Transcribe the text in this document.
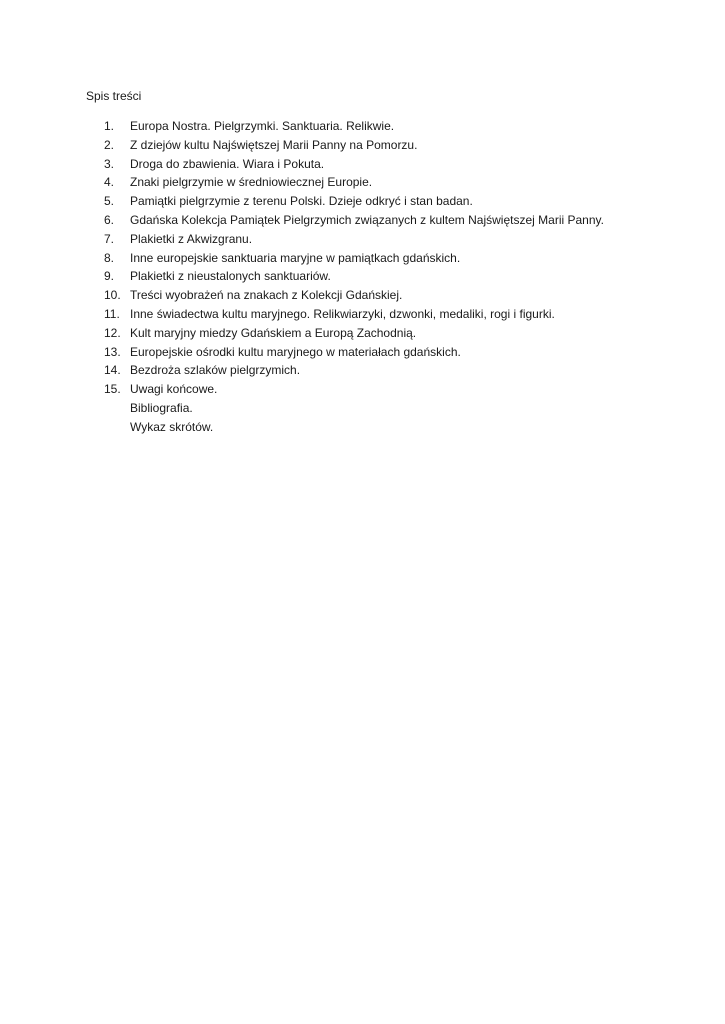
Spis treści
1.	Europa Nostra. Pielgrzymki. Sanktuaria. Relikwie.
2.	Z dziejów kultu Najświętszej Marii Panny na Pomorzu.
3.	Droga do zbawienia. Wiara i Pokuta.
4.	Znaki pielgrzymie w średniowiecznej Europie.
5.	Pamiątki pielgrzymie z terenu Polski. Dzieje odkryć i stan badan.
6.	Gdańska Kolekcja Pamiątek Pielgrzymich związanych z kultem Najświętszej Marii Panny.
7.	Plakietki z Akwizgranu.
8.	Inne europejskie sanktuaria maryjne w pamiątkach gdańskich.
9.	Plakietki z nieustalonych sanktuariów.
10. Treści wyobrażeń na znakach z Kolekcji Gdańskiej.
11. Inne świadectwa kultu maryjnego. Relikwiarzyki, dzwonki, medaliki, rogi i figurki.
12. Kult maryjny miedzy Gdańskiem a Europą Zachodnią.
13. Europejskie ośrodki kultu maryjnego w materiałach gdańskich.
14. Bezdroża szlaków pielgrzymich.
15. Uwagi końcowe.
Bibliografia.
Wykaz skrótów.
